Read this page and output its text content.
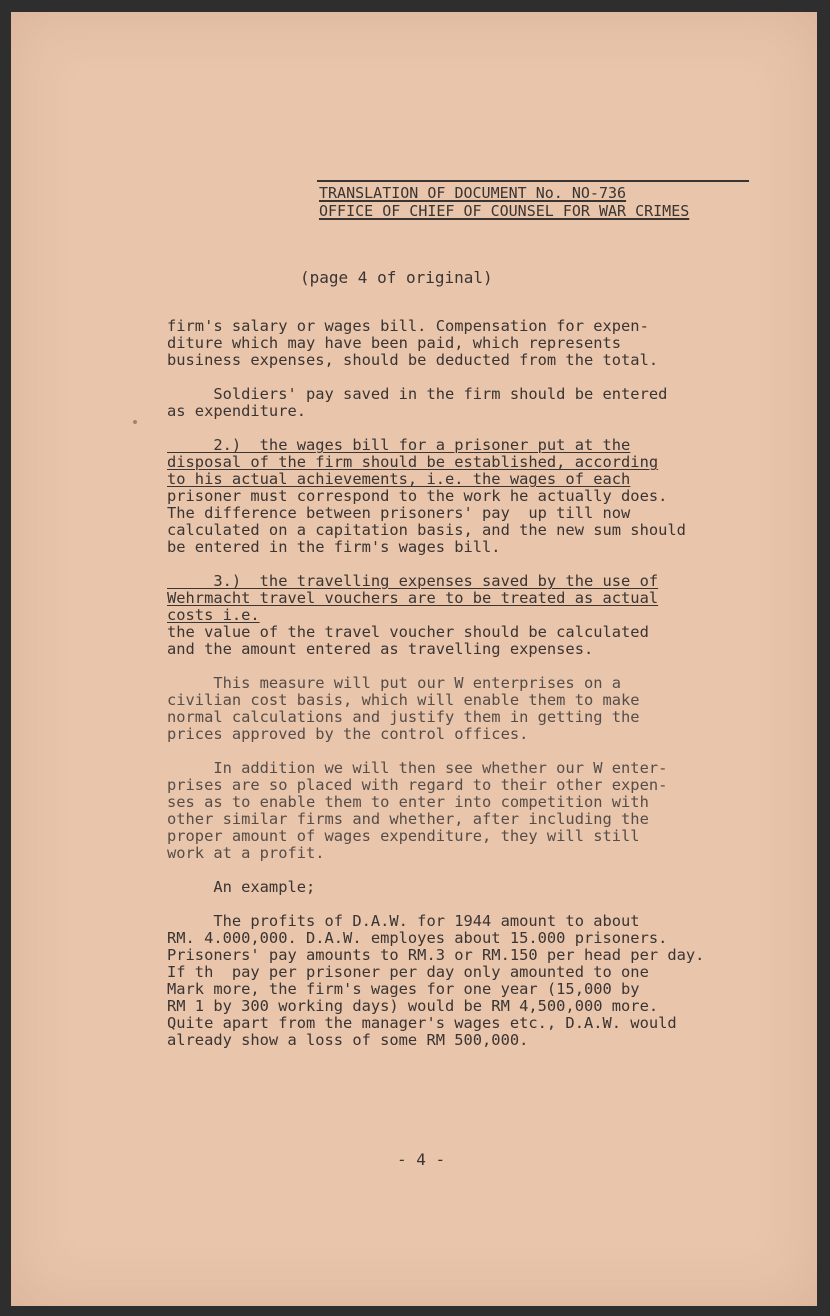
TRANSLATION OF DOCUMENT No. NO-736
OFFICE OF CHIEF OF COUNSEL FOR WAR CRIMES
(page 4 of original)
firm's salary or wages bill. Compensation for expen-
diture which may have been paid, which represents
business expenses, should be deducted from the total.
Soldiers' pay saved in the firm should be entered
as expenditure.
2.)  the wages bill for a prisoner put at the
disposal of the firm should be established, according
to his actual achievements, i.e. the wages of each
prisoner must correspond to the work he actually does.
The difference between prisoners' pay  up till now
calculated on a capitation basis, and the new sum should
be entered in the firm's wages bill.
3.)  the travelling expenses saved by the use of
Wehrmacht travel vouchers are to be treated as actual
costs i.e.
the value of the travel voucher should be calculated
and the amount entered as travelling expenses.
This measure will put our W enterprises on a
civilian cost basis, which will enable them to make
normal calculations and justify them in getting the
prices approved by the control offices.
In addition we will then see whether our W enter-
prises are so placed with regard to their other expen-
ses as to enable them to enter into competition with
other similar firms and whether, after including the
proper amount of wages expenditure, they will still
work at a profit.
An example;
The profits of D.A.W. for 1944 amount to about
RM. 4.000,000. D.A.W. employes about 15.000 prisoners.
Prisoners' pay amounts to RM.3 or RM.150 per head per day.
If th  pay per prisoner per day only amounted to one
Mark more, the firm's wages for one year (15,000 by
RM 1 by 300 working days) would be RM 4,500,000 more.
Quite apart from the manager's wages etc., D.A.W. would
already show a loss of some RM 500,000.
- 4 -
